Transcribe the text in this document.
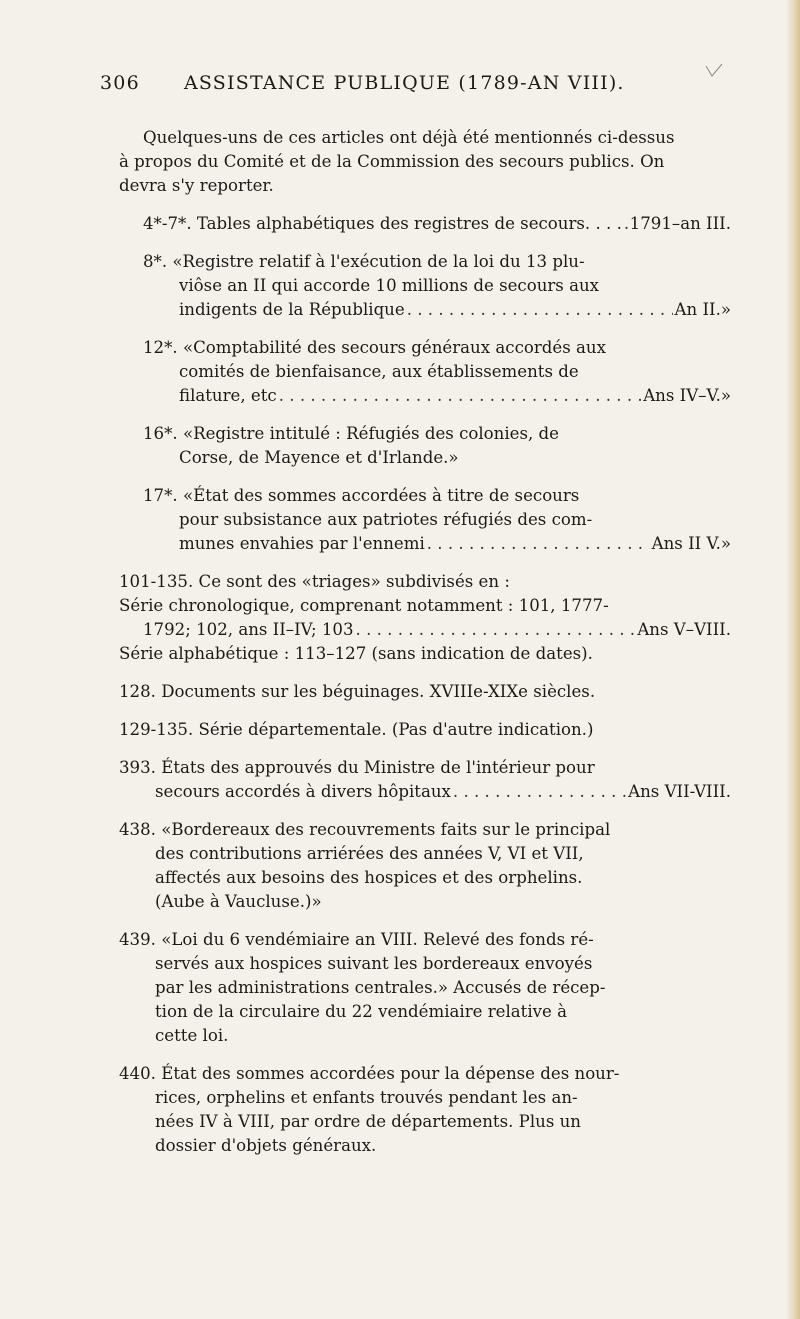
306 ASSISTANCE PUBLIQUE (1789-AN VIII).

Quelques-uns de ces articles ont déjà été mentionnés ci-dessus
à propos du Comité et de la Commission des secours publics. On
devra s'y reporter.

4*-7*. Tables alphabétiques des registres de secours. . . . . . . 1791–an III.
8*. «Registre relatif à l'exécution de la loi du 13 plu-
viôse an II qui accorde 10 millions de secours aux
indigents de la République . . .	An II.»
12*. «Comptabilité des secours généraux accordés aux
comités de bienfaisance, aux établissements de
filature, etc . . .	Ans IV–V.»
16*. «Registre intitulé : Réfugiés des colonies, de
Corse, de Mayence et d'Irlande.»
17*. «État des sommes accordées à titre de secours
pour subsistance aux patriotes réfugiés des com-
munes envahies par l'ennemi . . .	Ans II V.»
101-135. Ce sont des «triages» subdivisés en :
Série chronologique, comprenant notamment : 101, 1777-
1792; 102, ans II–IV; 103 . . .	Ans V–VIII.
Série alphabétique : 113–127 (sans indication de dates).
128. Documents sur les béguinages. XVIIIe-XIXe siècles.
129-135. Série départementale. (Pas d'autre indication.)
393. États des approuvés du Ministre de l'intérieur pour
secours accordés à divers hôpitaux . . .	Ans VII-VIII.
438. «Bordereaux des recouvrements faits sur le principal
des contributions arriérées des années V, VI et VII,
affectés aux besoins des hospices et des orphelins.
(Aube à Vaucluse.)»
439. «Loi du 6 vendémiaire an VIII. Relevé des fonds ré-
servés aux hospices suivant les bordereaux envoyés
par les administrations centrales.» Accusés de récep-
tion de la circulaire du 22 vendémiaire relative à
cette loi.
440. État des sommes accordées pour la dépense des nour-
rices, orphelins et enfants trouvés pendant les an-
nées IV à VIII, par ordre de départements. Plus un
dossier d'objets généraux.
